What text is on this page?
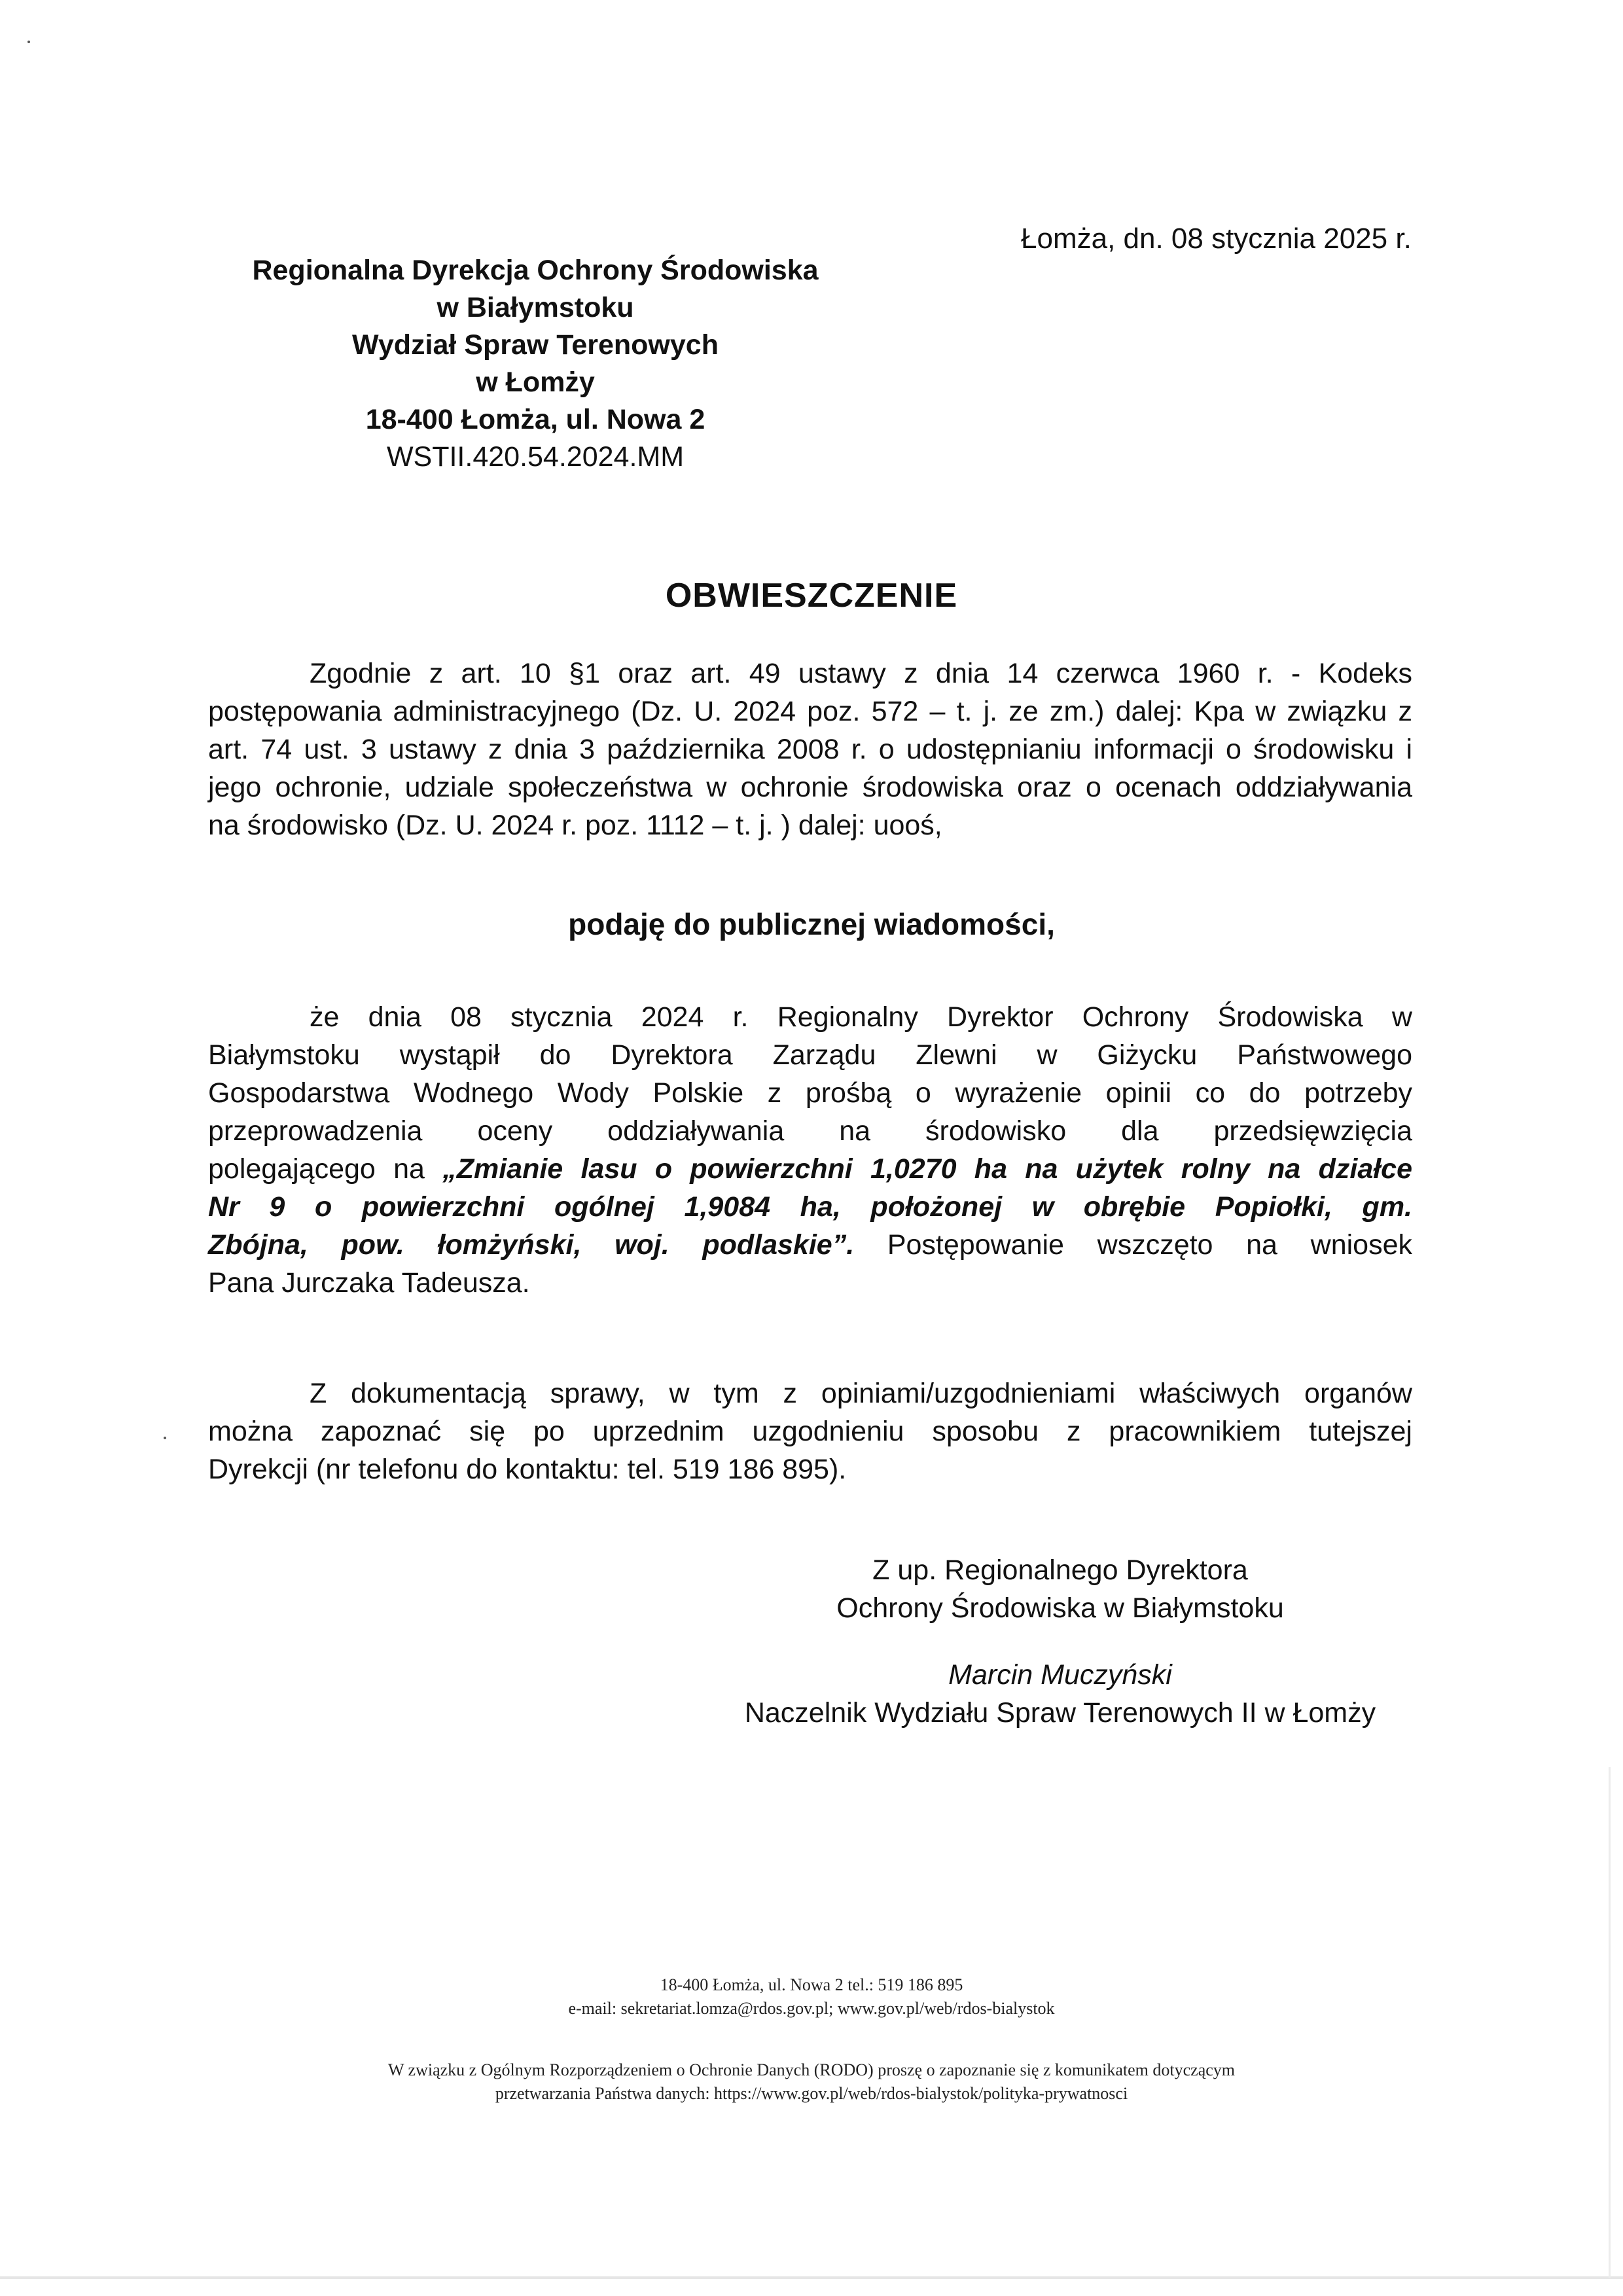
Łomża, dn. 08 stycznia 2025 r.
Regionalna Dyrekcja Ochrony Środowiska
w Białymstoku
Wydział Spraw Terenowych
w Łomży
18-400 Łomża, ul. Nowa 2
WSTII.420.54.2024.MM
OBWIESZCZENIE
Zgodnie z art. 10 §1 oraz art. 49 ustawy z dnia 14 czerwca 1960 r. - Kodeks
postępowania administracyjnego (Dz. U. 2024 poz. 572 – t. j. ze zm.) dalej: Kpa w związku z
art. 74 ust. 3 ustawy z dnia 3 października 2008 r. o udostępnianiu informacji o środowisku i
jego ochronie, udziale społeczeństwa w ochronie środowiska oraz o ocenach oddziaływania
na środowisko (Dz. U. 2024 r. poz. 1112 – t. j. ) dalej: uooś,
podaję do publicznej wiadomości,
że dnia 08 stycznia 2024 r. Regionalny Dyrektor Ochrony Środowiska w
Białymstoku wystąpił do Dyrektora Zarządu Zlewni w Giżycku Państwowego
Gospodarstwa Wodnego Wody Polskie z prośbą o wyrażenie opinii co do potrzeby
przeprowadzenia oceny oddziaływania na środowisko dla przedsięwzięcia
polegającego na „Zmianie lasu o powierzchni 1,0270 ha na użytek rolny na działce
Nr 9 o powierzchni ogólnej 1,9084 ha, położonej w obrębie Popiołki, gm.
Zbójna, pow. łomżyński, woj. podlaskie”. Postępowanie wszczęto na wniosek
Pana Jurczaka Tadeusza.
Z dokumentacją sprawy, w tym z opiniami/uzgodnieniami właściwych organów
można zapoznać się po uprzednim uzgodnieniu sposobu z pracownikiem tutejszej
Dyrekcji (nr telefonu do kontaktu: tel. 519 186 895).
Z up. Regionalnego Dyrektora
Ochrony Środowiska w Białymstoku
Marcin Muczyński
Naczelnik Wydziału Spraw Terenowych II w Łomży
18-400 Łomża, ul. Nowa 2 tel.: 519 186 895
e-mail: sekretariat.lomza@rdos.gov.pl; www.gov.pl/web/rdos-bialystok
W związku z Ogólnym Rozporządzeniem o Ochronie Danych (RODO) proszę o zapoznanie się z komunikatem dotyczącym
przetwarzania Państwa danych: https://www.gov.pl/web/rdos-bialystok/polityka-prywatnosci
